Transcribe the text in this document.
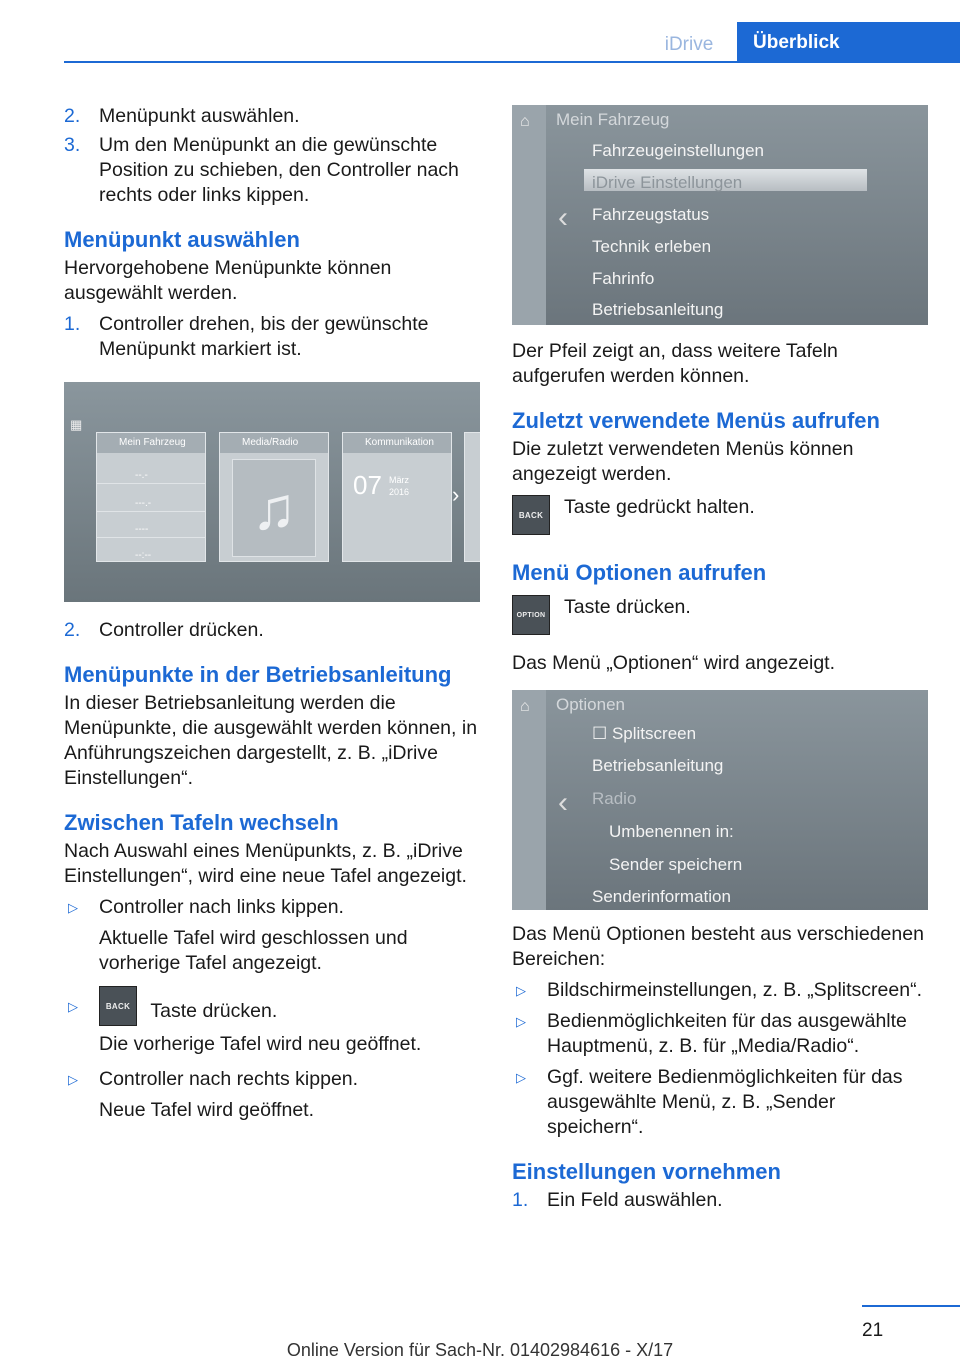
iDrive	Überblick
2. Menüpunkt auswählen.
3. Um den Menüpunkt an die gewünschte Position zu schieben, den Controller nach rechts oder links kippen.
Menüpunkt auswählen

Hervorgehobene Menüpunkte können ausgewählt werden.

1. Controller drehen, bis der gewünschte Menüpunkt markiert ist.
▦
Mein Fahrzeug
--.-
---.-
----
--:--
Media/Radio
♫
Kommunikation
07 März
2016 ›
2. Controller drücken.
Menüpunkte in der Betriebsanleitung

In dieser Betriebsanleitung werden die Menüpunkte, die ausgewählt werden können, in Anführungszeichen dargestellt, z. B. „iDrive Einstellungen“.

Zwischen Tafeln wechseln

Nach Auswahl eines Menüpunkts, z. B. „iDrive Einstellungen“, wird eine neue Tafel angezeigt.

▷ Controller nach links kippen.
Aktuelle Tafel wird geschlossen und vorherige Tafel angezeigt.
▷	BACK Taste drücken.
Die vorherige Tafel wird neu geöffnet.
▷ Controller nach rechts kippen.
Neue Tafel wird geöffnet.
⌂ Mein Fahrzeug
‹
Fahrzeugeinstellungen
iDrive Einstellungen
Fahrzeugstatus
Technik erleben
Fahrinfo
Betriebsanleitung

Der Pfeil zeigt an, dass weitere Tafeln aufgerufen werden können.

Zuletzt verwendete Menüs aufrufen

Die zuletzt verwendeten Menüs können angezeigt werden.

BACK	Taste gedrückt halten.
Menü Optionen aufrufen
OPTION Taste drücken.

Das Menü „Optionen“ wird angezeigt.

⌂ Optionen
‹
☐ Splitscreen
Betriebsanleitung
Radio
Umbenennen in:
Sender speichern
Senderinformation

Das Menü Optionen besteht aus verschiedenen Bereichen:

▷ Bildschirmeinstellungen, z. B. „Splitscreen“.
▷ Bedienmöglichkeiten für das ausgewählte Hauptmenü, z. B. für „Media/Radio“.
▷ Ggf. weitere Bedienmöglichkeiten für das ausgewählte Menü, z. B. „Sender speichern“.
Einstellungen vornehmen
1. Ein Feld auswählen.
21
Online Version für Sach-Nr. 01402984616 - X/17
